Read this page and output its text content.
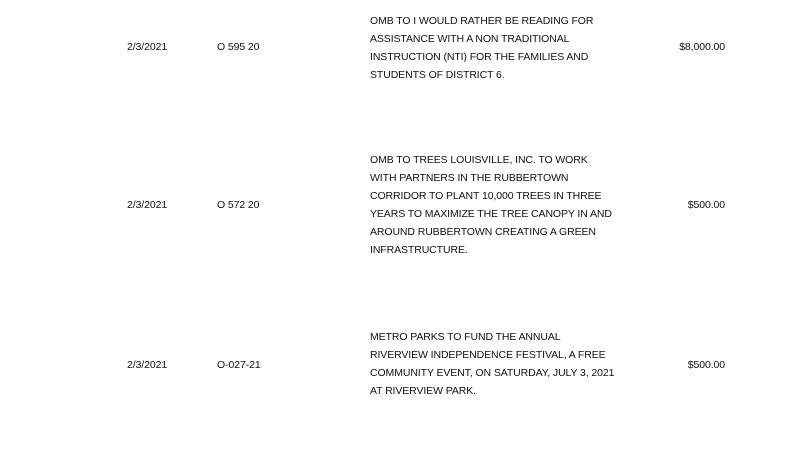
2/3/2021	O 595 20
OMB TO I WOULD RATHER BE READING FOR ASSISTANCE WITH A NON TRADITIONAL INSTRUCTION (NTI) FOR THE FAMILIES AND STUDENTS OF DISTRICT 6.
$8,000.00
2/3/2021	O 572 20
OMB TO TREES LOUISVILLE, INC. TO WORK WITH PARTNERS IN THE RUBBERTOWN CORRIDOR TO PLANT 10,000 TREES IN THREE YEARS TO MAXIMIZE THE TREE CANOPY IN AND AROUND RUBBERTOWN CREATING A GREEN INFRASTRUCTURE.
$500.00
2/3/2021	O-027-21
METRO PARKS TO FUND THE ANNUAL RIVERVIEW INDEPENDENCE FESTIVAL, A FREE COMMUNITY EVENT, ON SATURDAY, JULY 3, 2021 AT RIVERVIEW PARK.
$500.00
